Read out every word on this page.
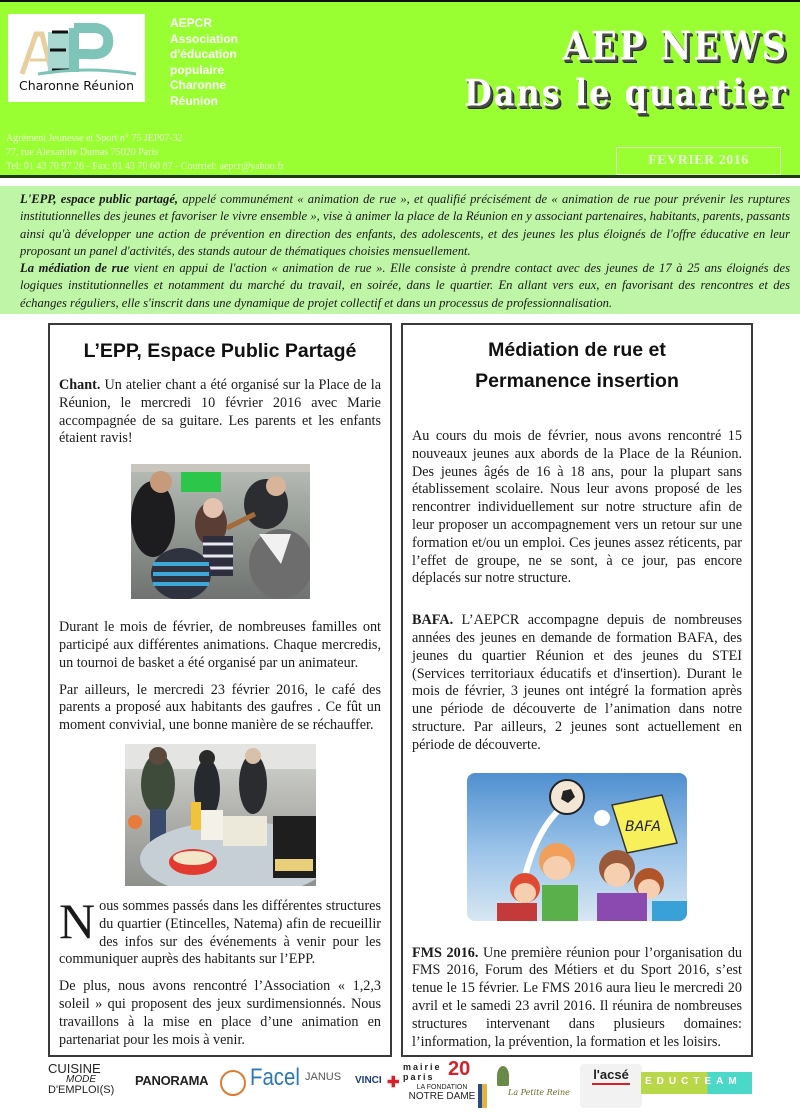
Charonne Réunion
AEPCR
Association
d'éducation
populaire
Charonne
Réunion
Agrément Jeunesse et Sport n° 75 JEP07-32
77, rue Alexandre Dumas 75020 Paris
Tel: 01 43 70 97 26 - Fax: 01 43 70 60 87 - Courriel: aepcr@yahoo.fr
AEP NEWS
Dans le quartier
FEVRIER 2016

L'EPP, espace public partagé, appelé communément « animation de rue », et qualifié précisément de « animation de rue pour prévenir les ruptures institutionnelles des jeunes et favoriser le vivre ensemble », vise à animer la place de la Réunion en y associant partenaires, habitants, parents, passants ainsi qu'à développer une action de prévention en direction des enfants, des adolescents, et des jeunes les plus éloignés de l'offre éducative en leur proposant un panel d'activités, des stands autour de thématiques choisies mensuellement.

La médiation de rue vient en appui de l'action « animation de rue ». Elle consiste à prendre contact avec des jeunes de 17 à 25 ans éloignés des logiques institutionnelles et notamment du marché du travail, en soirée, dans le quartier. En allant vers eux, en favorisant des rencontres et des échanges réguliers, elle s'inscrit dans une dynamique de projet collectif et dans un processus de professionnalisation.

L’EPP, Espace Public Partagé

Chant. Un atelier chant a été organisé sur la Place de la Réunion, le mercredi 10 février 2016 avec Marie accompagnée de sa guitare. Les parents et les enfants étaient ravis!

Durant le mois de février, de nombreuses familles ont participé aux différentes animations. Chaque mercredis, un tournoi de basket a été organisé par un animateur.

Par ailleurs, le mercredi 23 février 2016, le café des parents a proposé aux habitants des gaufres . Ce fût un moment convivial, une bonne manière de se réchauffer.

Nous sommes passés dans les différentes structures du quartier (Etincelles, Natema) afin de recueillir des infos sur des événements à venir pour les communiquer auprès des habitants sur l’EPP.

De plus, nous avons rencontré l’Association « 1,2,3 soleil » qui proposent des jeux surdimensionnés. Nous travaillons à la mise en place d’une animation en partenariat pour les mois à venir.

Médiation de rue et
Permanence insertion

Au cours du mois de février, nous avons rencontré 15 nouveaux jeunes aux abords de la Place de la Réunion. Des jeunes âgés de 16 à 18 ans, pour la plupart sans établissement scolaire. Nous leur avons proposé de les rencontrer individuellement sur notre structure afin de leur proposer un accompagnement vers un retour sur une formation et/ou un emploi. Ces jeunes assez réticents, par l’effet de groupe, ne se sont, à ce jour, pas encore déplacés sur notre structure.

BAFA. L’AEPCR accompagne depuis de nombreuses années des jeunes en demande de formation BAFA, des jeunes du quartier Réunion et des jeunes du STEI (Services territoriaux éducatifs et d'insertion). Durant le mois de février, 3 jeunes ont intégré la formation après une période de découverte de l’animation dans notre structure. Par ailleurs, 2 jeunes sont actuellement en période de découverte.

BAFA

FMS 2016. Une première réunion pour l’organisation du FMS 2016, Forum des Métiers et du Sport 2016, s’est tenue le 15 février. Le FMS 2016 aura lieu le mercredi 20 avril et le samedi 23 avril 2016. Il réunira de nombreuses structures intervenant dans plusieurs domaines: l’information, la prévention, la formation et les loisirs.

CUISINE
MODE
D'EMPLOI(S)
PANORAMA Facel JANUS VINCI ✚
mairie
paris 20
LA FONDATION
NOTRE DAME	La Petite Reine
l'acsé	EDUCTEAM
